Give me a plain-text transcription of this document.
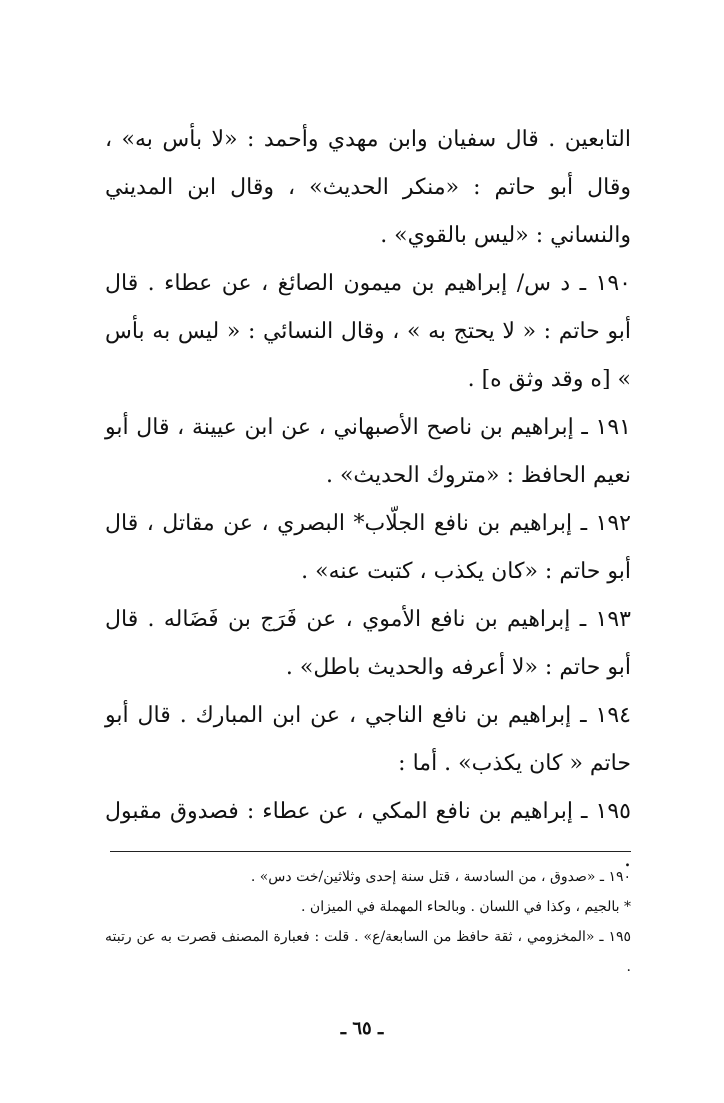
التابعين . قال سفيان وابن مهدي وأحمد : «لا بأس به» ، وقال أبو حاتم : «منكر الحديث» ، وقال ابن المديني والنساني : «ليس بالقوي» .

١٩٠ ـ د س/ إبراهيم بن ميمون الصائغ ، عن عطاء . قال أبو حاتم : « لا يحتج به » ، وقال النسائي : « ليس به بأس » [ه وقد وثق ه] .

١٩١ ـ إبراهيم بن ناصح الأصبهاني ، عن ابن عيينة ، قال أبو نعيم الحافظ : «متروك الحديث» .

١٩٢ ـ إبراهيم بن نافع الجلّاب* البصري ، عن مقاتل ، قال أبو حاتم : «كان يكذب ، كتبت عنه» .

١٩٣ ـ إبراهيم بن نافع الأموي ، عن فَرَج بن فَضَاله . قال أبو حاتم : «لا أعرفه والحديث باطل» .

١٩٤ ـ إبراهيم بن نافع الناجي ، عن ابن المبارك . قال أبو حاتم « كان يكذب» . أما :

١٩٥ ـ إبراهيم بن نافع المكي ، عن عطاء : فصدوق مقبول .

١٩٠ ـ «صدوق ، من السادسة ، قتل سنة إحدى وثلاثين/خت دس» .

* بالجيم ، وكذا في اللسان . وبالحاء المهملة في الميزان .

١٩٥ ـ «المخزومي ، ثقة حافظ من السابعة/ع» . قلت : فعبارة المصنف قصرت به عن رتبته .

ـ ٦٥ ـ
